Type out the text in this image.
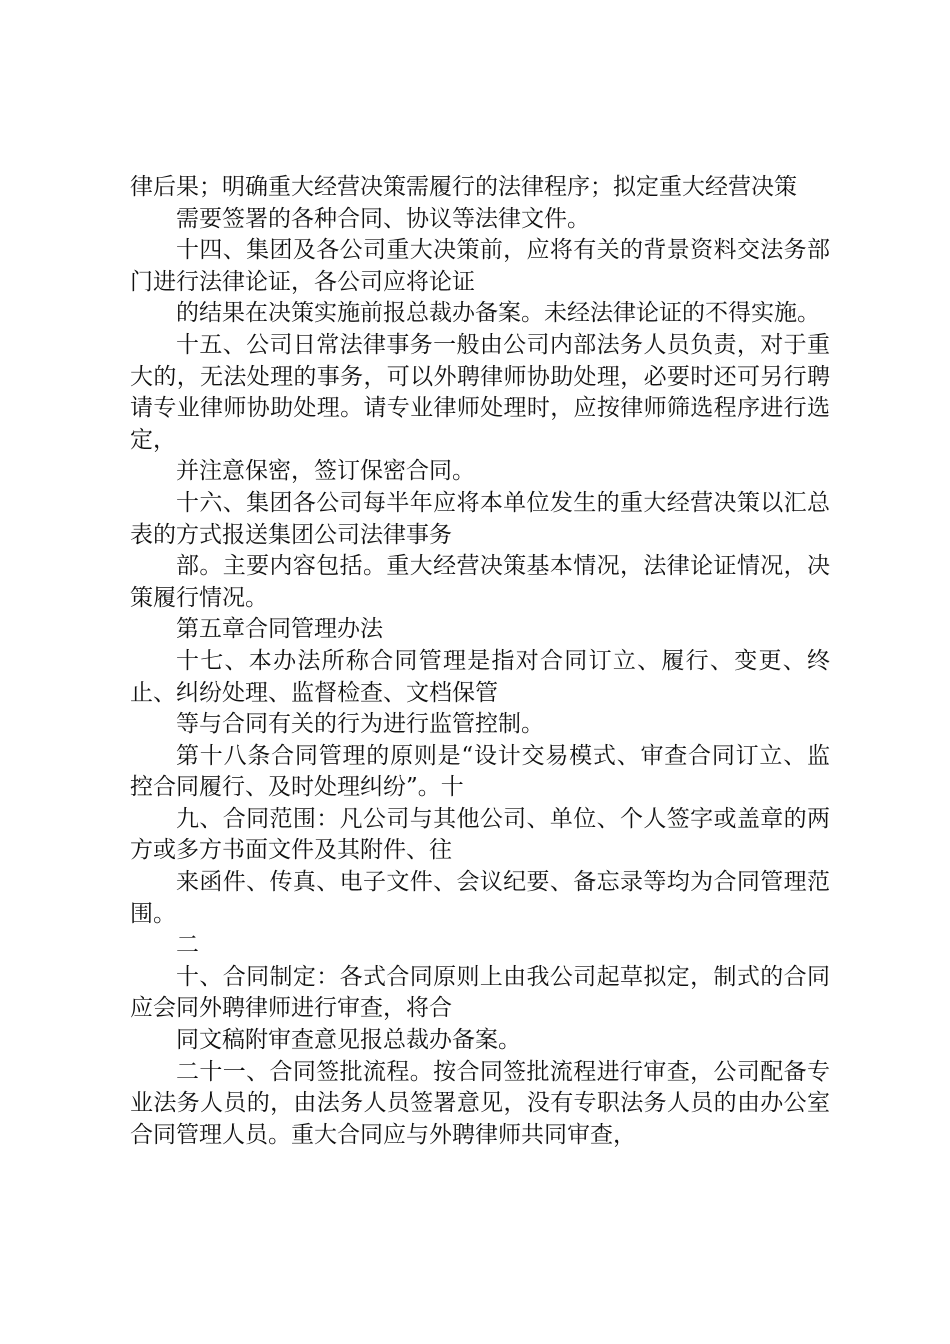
律后果；明确重大经营决策需履行的法律程序；拟定重大经营决策

需要签署的各种合同、协议等法律文件。

十四、集团及各公司重大决策前，应将有关的背景资料交法务部门进行法律论证，各公司应将论证

的结果在决策实施前报总裁办备案。未经法律论证的不得实施。

十五、公司日常法律事务一般由公司内部法务人员负责，对于重大的，无法处理的事务，可以外聘律师协助处理，必要时还可另行聘请专业律师协助处理。请专业律师处理时，应按律师筛选程序进行选定，

并注意保密，签订保密合同。

十六、集团各公司每半年应将本单位发生的重大经营决策以汇总表的方式报送集团公司法律事务

部。主要内容包括。重大经营决策基本情况，法律论证情况，决策履行情况。

第五章合同管理办法

十七、本办法所称合同管理是指对合同订立、履行、变更、终止、纠纷处理、监督检查、文档保管

等与合同有关的行为进行监管控制。

第十八条合同管理的原则是“设计交易模式、审查合同订立、监控合同履行、及时处理纠纷”。十

九、合同范围：凡公司与其他公司、单位、个人签字或盖章的两方或多方书面文件及其附件、往

来函件、传真、电子文件、会议纪要、备忘录等均为合同管理范围。

二

十、合同制定：各式合同原则上由我公司起草拟定，制式的合同应会同外聘律师进行审查，将合

同文稿附审查意见报总裁办备案。

二十一、合同签批流程。按合同签批流程进行审查，公司配备专业法务人员的，由法务人员签署意见，没有专职法务人员的由办公室合同管理人员。重大合同应与外聘律师共同审查，
